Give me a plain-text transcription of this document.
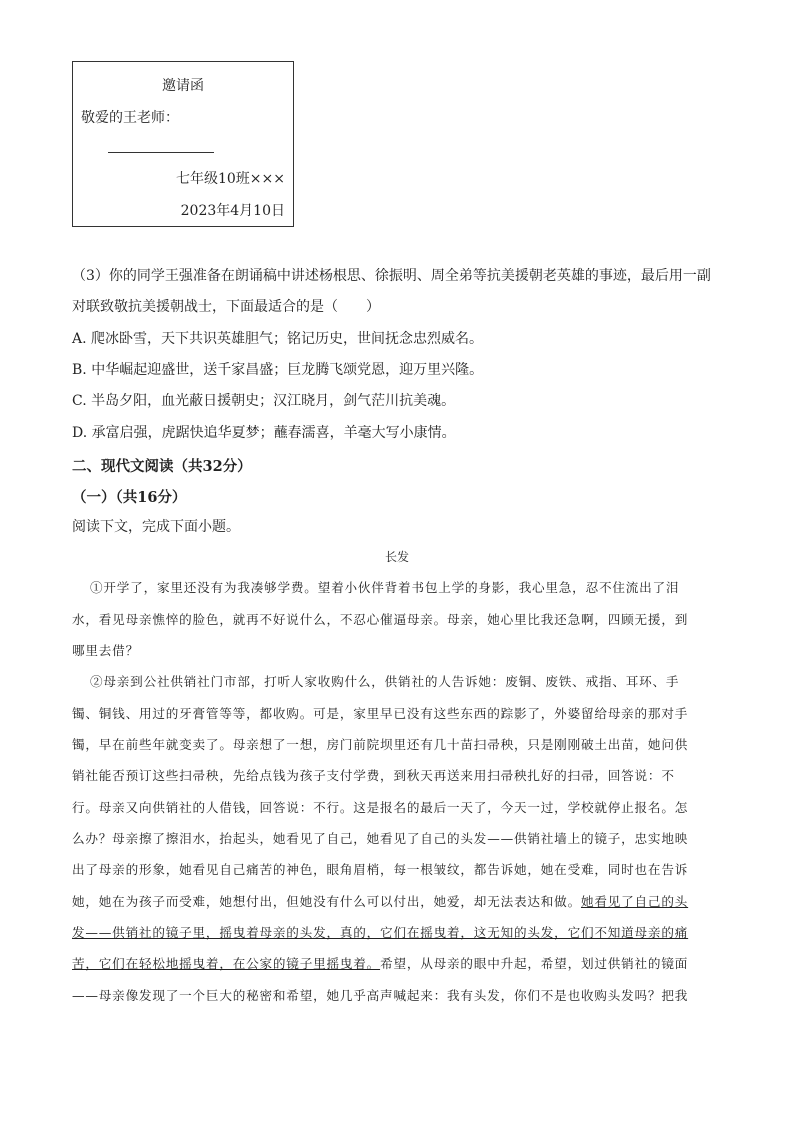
邀请函
敬爱的王老师：
七年级10班×××
2023年4月10日
（3）你的同学王强准备在朗诵稿中讲述杨根思、徐振明、周全弟等抗美援朝老英雄的事迹，最后用一副
对联致敬抗美援朝战士，下面最适合的是（　　）
A. 爬冰卧雪，天下共识英雄胆气；铭记历史，世间抚念忠烈威名。
B. 中华崛起迎盛世，送千家昌盛；巨龙腾飞颂党恩，迎万里兴隆。
C. 半岛夕阳，血光蔽日援朝史；汉江晓月，剑气茫川抗美魂。
D. 承富启强，虎踞快追华夏梦；蘸春濡喜，羊毫大写小康情。
二、现代文阅读（共32分）
（一）（共16分）
阅读下文，完成下面小题。
长发
①开学了，家里还没有为我凑够学费。望着小伙伴背着书包上学的身影，我心里急，忍不住流出了泪
水，看见母亲憔悴的脸色，就再不好说什么，不忍心催逼母亲。母亲，她心里比我还急啊，四顾无援，到
哪里去借？
②母亲到公社供销社门市部，打听人家收购什么，供销社的人告诉她：废铜、废铁、戒指、耳环、手
镯、铜钱、用过的牙膏管等等，都收购。可是，家里早已没有这些东西的踪影了，外婆留给母亲的那对手
镯，早在前些年就变卖了。母亲想了一想，房门前院坝里还有几十苗扫帚秧，只是刚刚破土出苗，她问供
销社能否预订这些扫帚秧，先给点钱为孩子支付学费，到秋天再送来用扫帚秧扎好的扫帚，回答说：不
行。母亲又向供销社的人借钱，回答说：不行。这是报名的最后一天了，今天一过，学校就停止报名。怎
么办？母亲擦了擦泪水，抬起头，她看见了自己，她看见了自己的头发——供销社墙上的镜子，忠实地映
出了母亲的形象，她看见自己痛苦的神色，眼角眉梢，每一根皱纹，都告诉她，她在受难，同时也在告诉
她，她在为孩子而受难，她想付出，但她没有什么可以付出，她爱，却无法表达和做。她看见了自己的头
发——供销社的镜子里，摇曳着母亲的头发，真的，它们在摇曳着，这无知的头发，它们不知道母亲的痛
苦，它们在轻松地摇曳着，在公家的镜子里摇曳着。希望，从母亲的眼中升起，希望，划过供销社的镜面
——母亲像发现了一个巨大的秘密和希望，她几乎高声喊起来：我有头发，你们不是也收购头发吗？把我
